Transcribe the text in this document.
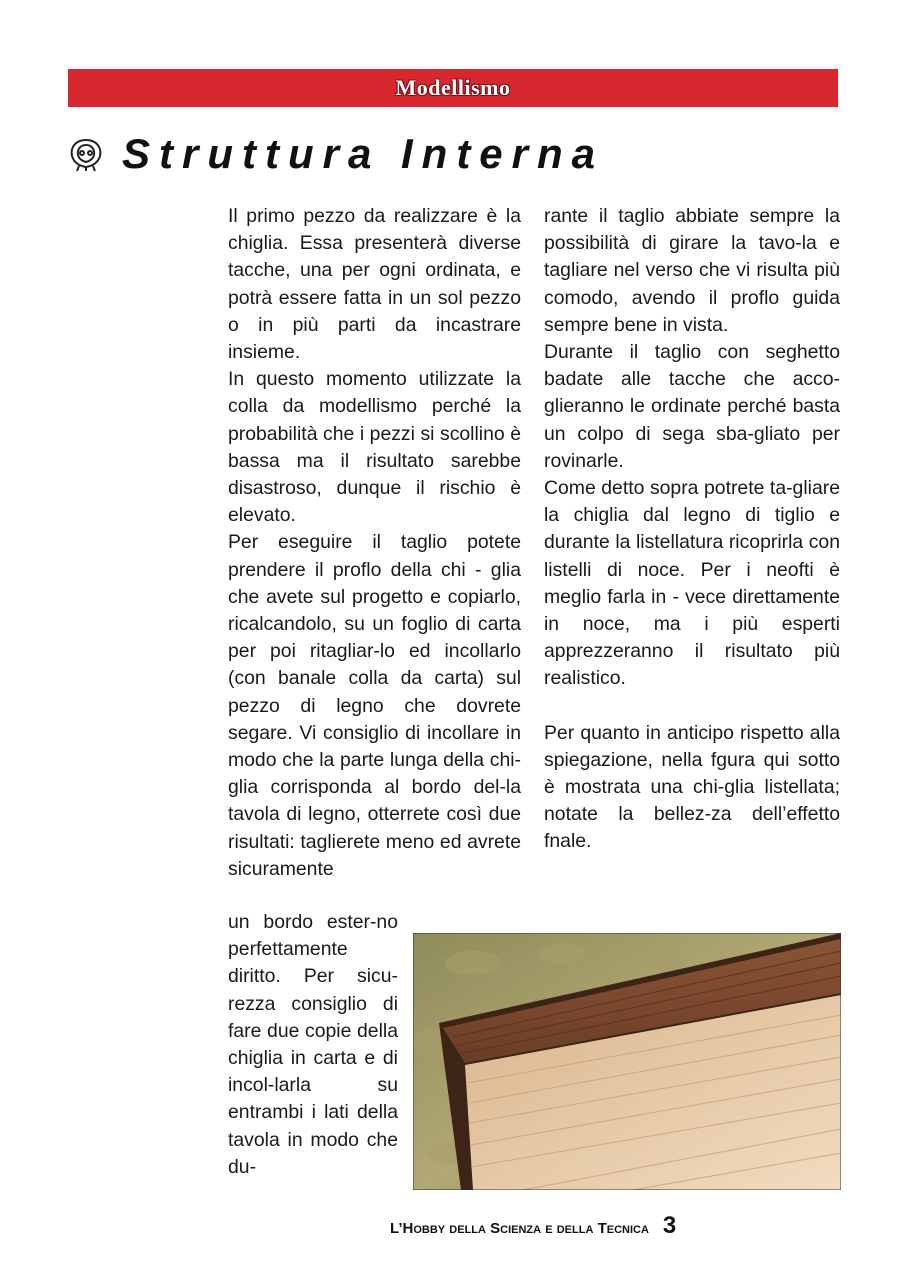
Modellismo
Struttura Interna

Il primo pezzo da realizzare è la chiglia. Essa presenterà diverse tacche, una per ogni ordinata, e potrà essere fatta in un sol pezzo o in più parti da incastrare insieme.

In questo momento utilizzate la colla da modellismo perché la probabilità che i pezzi si scollino è bassa ma il risultato sarebbe disastroso, dunque il rischio è elevato.

Per eseguire il taglio potete prendere il proflo della chi - glia che avete sul progetto e copiarlo, ricalcandolo, su un foglio di carta per poi ritagliar-lo ed incollarlo (con banale colla da carta) sul pezzo di legno che dovrete segare. Vi consiglio di incollare in modo che la parte lunga della chi-glia corrisponda al bordo del-la tavola di legno, otterrete così due risultati: taglierete meno ed avrete sicuramente

un bordo ester-no perfettamente diritto. Per sicu-rezza consiglio di fare due copie della chiglia in carta e di incol-larla su entrambi i lati della tavola in modo che du-

rante il taglio abbiate sempre la possibilità di girare la tavo-la e tagliare nel verso che vi risulta più comodo, avendo il proflo guida sempre bene in vista.

Durante il taglio con seghetto badate alle tacche che acco-glieranno le ordinate perché basta un colpo di sega sba-gliato per rovinarle.

Come detto sopra potrete ta-gliare la chiglia dal legno di tiglio e durante la listellatura ricoprirla con listelli di noce. Per i neofti è meglio farla in - vece direttamente in noce, ma i più esperti apprezzeranno il risultato più realistico.

Per quanto in anticipo rispetto alla spiegazione, nella fgura qui sotto è mostrata una chi-glia listellata; notate la bellez-za dell’effetto fnale.

L’Hobby della Scienza e della Tecnica 3
